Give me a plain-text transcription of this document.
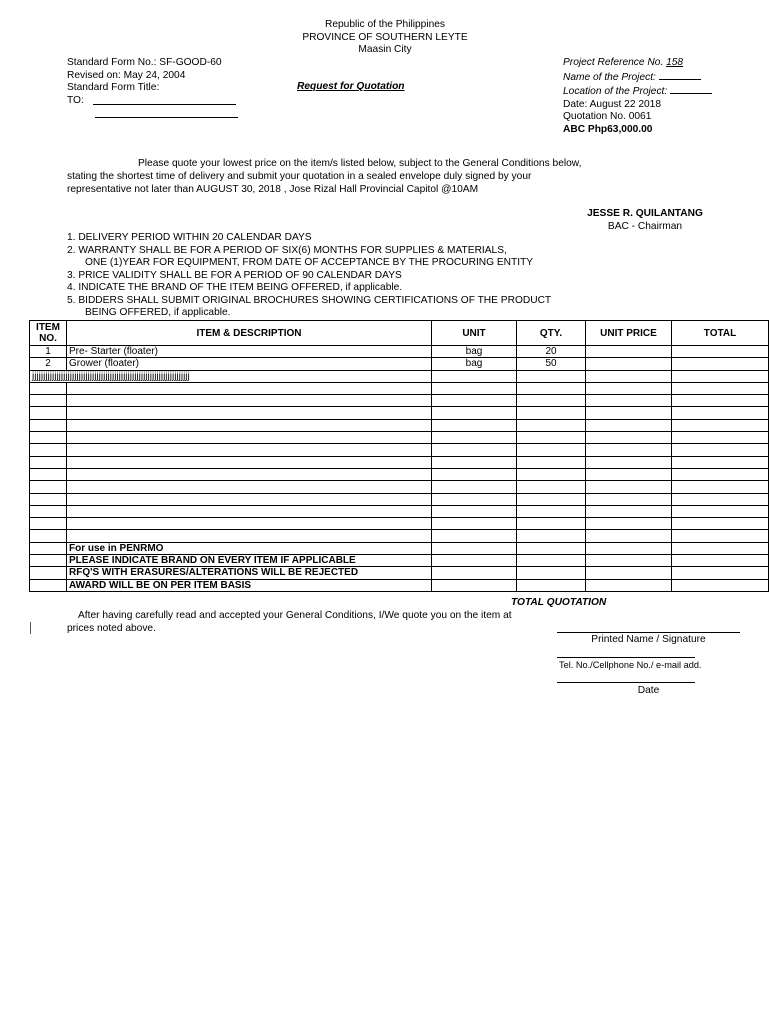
Republic of the Philippines
PROVINCE OF SOUTHERN LEYTE
Maasin City
Standard Form No.: SF-GOOD-60
Revised on: May 24, 2004
Standard Form Title:
TO:
Request for Quotation
Project Reference No. 158
Name of the Project:
Location of the Project:
Date: August 22 2018
Quotation No. 0061
ABC Php63,000.00
Please quote your lowest price on the item/s listed below, subject to the General Conditions below, stating the shortest time of delivery and submit your quotation in a sealed envelope duly signed by your representative not later than AUGUST 30, 2018 , Jose Rizal Hall Provincial Capitol @10AM
JESSE R. QUILANTANG
BAC - Chairman
1. DELIVERY PERIOD WITHIN 20 CALENDAR DAYS
2. WARRANTY SHALL BE FOR A PERIOD OF SIX(6) MONTHS FOR SUPPLIES & MATERIALS,
ONE (1)YEAR FOR EQUIPMENT, FROM DATE OF ACCEPTANCE BY THE PROCURING ENTITY
3. PRICE VALIDITY SHALL BE FOR A PERIOD OF 90 CALENDAR DAYS
4. INDICATE THE BRAND OF THE ITEM BEING OFFERED, if applicable.
5. BIDDERS SHALL SUBMIT ORIGINAL BROCHURES SHOWING CERTIFICATIONS OF THE PRODUCT
BEING OFFERED, if applicable.
ITEM NO.	ITEM & DESCRIPTION	UNIT	QTY.	UNIT PRICE	TOTAL
1	Pre- Starter (floater)	bag	20		
2	Grower (floater)	bag	50		
jjjjjjjjjjjjjjjjjjjjjjjjjjjjjjjjjjjjjjjjjjjjjjjjjjjjjjjjjjjjjjjjjjjjjjj					

	For use in PENRMO				
	PLEASE INDICATE BRAND ON EVERY ITEM IF APPLICABLE				
	RFQ'S WITH ERASURES/ALTERATIONS WILL BE REJECTED				
	AWARD WILL BE ON PER ITEM BASIS				
TOTAL QUOTATION
After having carefully read and accepted your General Conditions, I/We quote you on the item at prices noted above.
Printed Name / Signature
Tel. No./Cellphone No./ e-mail add.
Date
